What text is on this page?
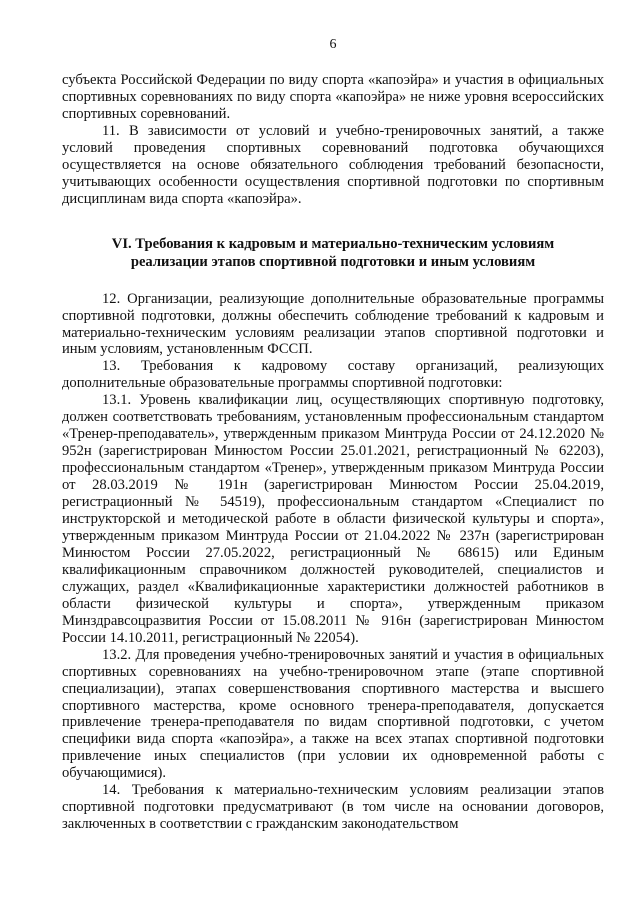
6

субъекта Российской Федерации по виду спорта «капоэйра» и участия в официальных спортивных соревнованиях по виду спорта «капоэйра» не ниже уровня всероссийских спортивных соревнований.

11. В зависимости от условий и учебно-тренировочных занятий, а также условий проведения спортивных соревнований подготовка обучающихся осуществляется на основе обязательного соблюдения требований безопасности, учитывающих особенности осуществления спортивной подготовки по спортивным дисциплинам вида спорта «капоэйра».

VI. Требования к кадровым и материально-техническим условиям
реализации этапов спортивной подготовки и иным условиям

12. Организации, реализующие дополнительные образовательные программы спортивной подготовки, должны обеспечить соблюдение требований к кадровым и материально-техническим условиям реализации этапов спортивной подготовки и иным условиям, установленным ФССП.

13. Требования к кадровому составу организаций, реализующих дополнительные образовательные программы спортивной подготовки:

13.1. Уровень квалификации лиц, осуществляющих спортивную подготовку, должен соответствовать требованиям, установленным профессиональным стандартом «Тренер-преподаватель», утвержденным приказом Минтруда России от 24.12.2020 № 952н (зарегистрирован Минюстом России 25.01.2021, регистрационный № 62203), профессиональным стандартом «Тренер», утвержденным приказом Минтруда России от 28.03.2019 № 191н (зарегистрирован Минюстом России 25.04.2019, регистрационный № 54519), профессиональным стандартом «Специалист по инструкторской и методической работе в области физической культуры и спорта», утвержденным приказом Минтруда России от 21.04.2022 № 237н (зарегистрирован Минюстом России 27.05.2022, регистрационный № 68615) или Единым квалификационным справочником должностей руководителей, специалистов и служащих, раздел «Квалификационные характеристики должностей работников в области физической культуры и спорта», утвержденным приказом Минздравсоцразвития России от 15.08.2011 № 916н (зарегистрирован Минюстом России 14.10.2011, регистрационный № 22054).

13.2. Для проведения учебно-тренировочных занятий и участия в официальных спортивных соревнованиях на учебно-тренировочном этапе (этапе спортивной специализации), этапах совершенствования спортивного мастерства и высшего спортивного мастерства, кроме основного тренера-преподавателя, допускается привлечение тренера-преподавателя по видам спортивной подготовки, с учетом специфики вида спорта «капоэйра», а также на всех этапах спортивной подготовки привлечение иных специалистов (при условии их одновременной работы с обучающимися).

14. Требования к материально-техническим условиям реализации этапов спортивной подготовки предусматривают (в том числе на основании договоров, заключенных в соответствии с гражданским законодательством
